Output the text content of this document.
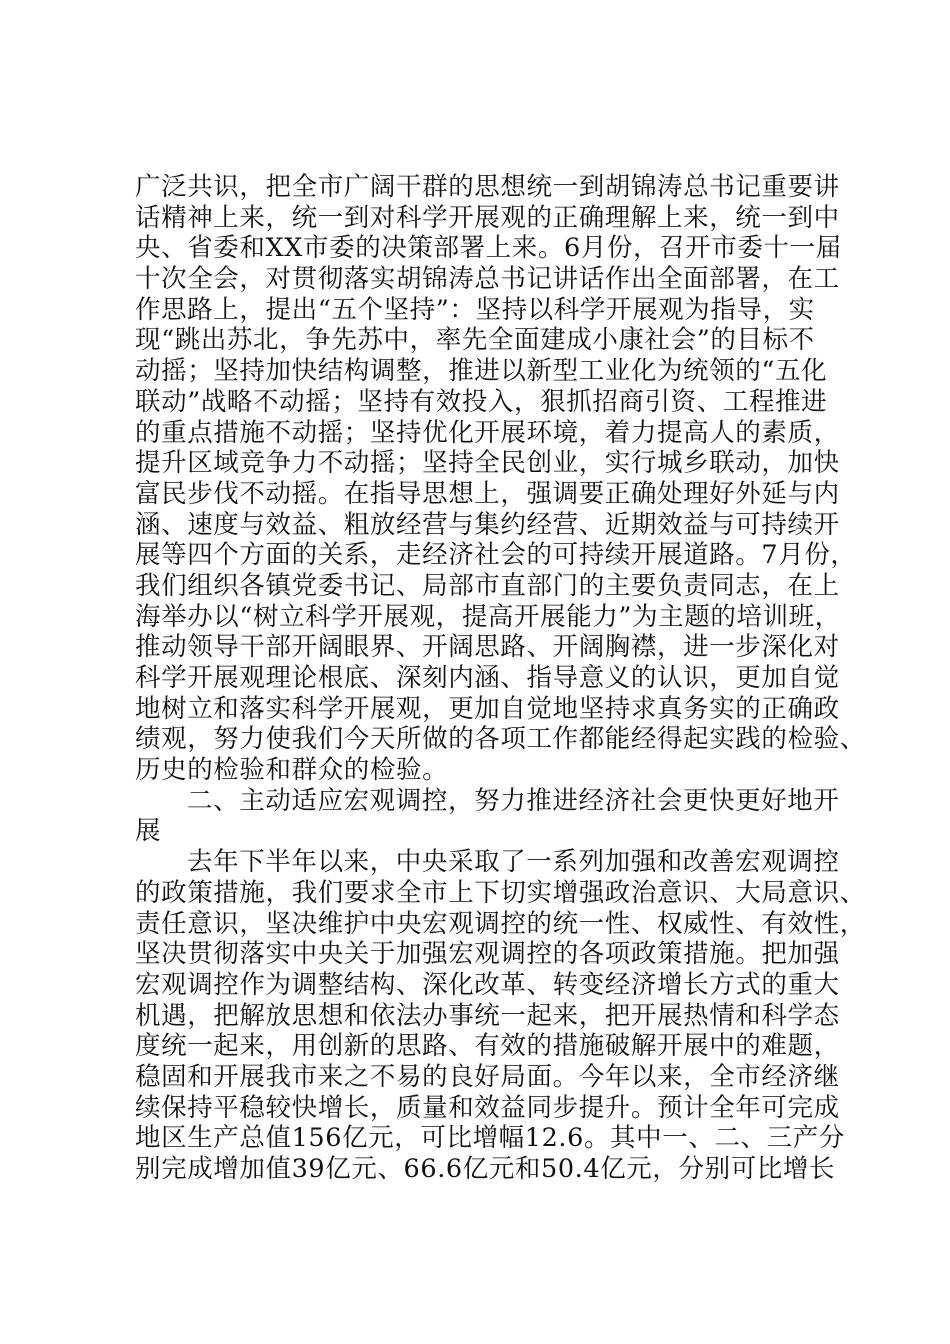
广泛共识，把全市广阔干群的思想统一到胡锦涛总书记重要讲
话精神上来，统一到对科学开展观的正确理解上来，统一到中
央、省委和XX市委的决策部署上来。6月份，召开市委十一届
十次全会，对贯彻落实胡锦涛总书记讲话作出全面部署，在工
作思路上，提出“五个坚持”：坚持以科学开展观为指导，实
现“跳出苏北，争先苏中，率先全面建成小康社会”的目标不
动摇；坚持加快结构调整，推进以新型工业化为统领的“五化
联动”战略不动摇；坚持有效投入，狠抓招商引资、工程推进
的重点措施不动摇；坚持优化开展环境，着力提高人的素质，
提升区域竞争力不动摇；坚持全民创业，实行城乡联动，加快
富民步伐不动摇。在指导思想上，强调要正确处理好外延与内
涵、速度与效益、粗放经营与集约经营、近期效益与可持续开
展等四个方面的关系，走经济社会的可持续开展道路。7月份，
我们组织各镇党委书记、局部市直部门的主要负责同志，在上
海举办以“树立科学开展观，提高开展能力”为主题的培训班，
推动领导干部开阔眼界、开阔思路、开阔胸襟，进一步深化对
科学开展观理论根底、深刻内涵、指导意义的认识，更加自觉
地树立和落实科学开展观，更加自觉地坚持求真务实的正确政
绩观，努力使我们今天所做的各项工作都能经得起实践的检验、
历史的检验和群众的检验。
二、主动适应宏观调控，努力推进经济社会更快更好地开
展
去年下半年以来，中央采取了一系列加强和改善宏观调控
的政策措施，我们要求全市上下切实增强政治意识、大局意识、
责任意识，坚决维护中央宏观调控的统一性、权威性、有效性，
坚决贯彻落实中央关于加强宏观调控的各项政策措施。把加强
宏观调控作为调整结构、深化改革、转变经济增长方式的重大
机遇，把解放思想和依法办事统一起来，把开展热情和科学态
度统一起来，用创新的思路、有效的措施破解开展中的难题，
稳固和开展我市来之不易的良好局面。今年以来，全市经济继
续保持平稳较快增长，质量和效益同步提升。预计全年可完成
地区生产总值156亿元，可比增幅12.6。其中一、二、三产分
别完成增加值39亿元、66.6亿元和50.4亿元，分别可比增长
